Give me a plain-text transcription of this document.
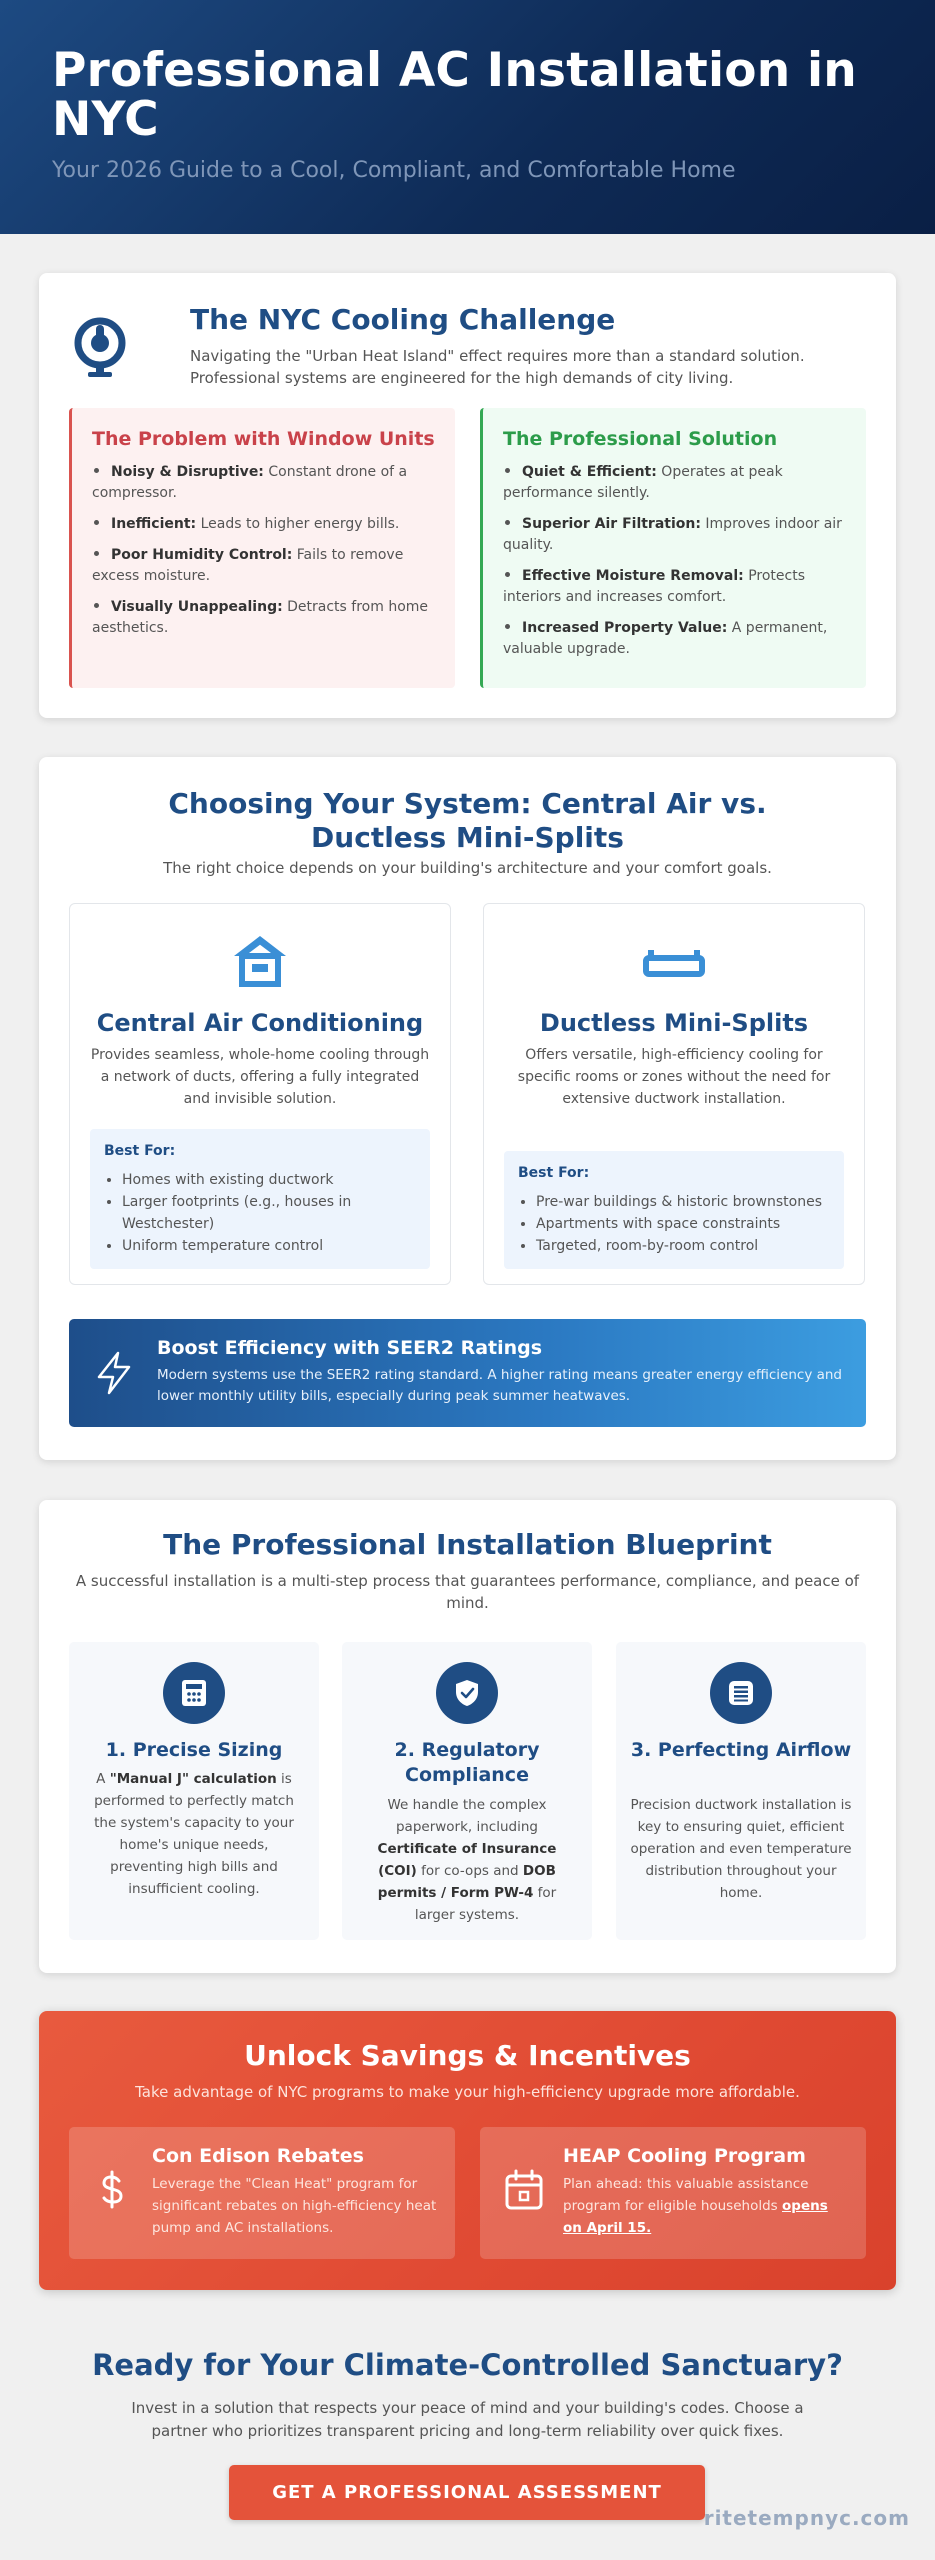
Professional AC Installation in NYC

Your 2026 Guide to a Cool, Compliant, and Comfortable Home

The NYC Cooling Challenge
Navigating the "Urban Heat Island" effect requires more than a standard solution. Professional systems are engineered for the high demands of city living.
The Problem with Window Units
Noisy & Disruptive: Constant drone of a compressor.
Inefficient: Leads to higher energy bills.
Poor Humidity Control: Fails to remove excess moisture.
Visually Unappealing: Detracts from home aesthetics.
The Professional Solution
Quiet & Efficient: Operates at peak performance silently.
Superior Air Filtration: Improves indoor air quality.
Effective Moisture Removal: Protects interiors and increases comfort.
Increased Property Value: A permanent, valuable upgrade.
Choosing Your System: Central Air vs. Ductless Mini-Splits
The right choice depends on your building's architecture and your comfort goals.
Central Air Conditioning

Provides seamless, whole-home cooling through a network of ducts, offering a fully integrated and invisible solution.

Best For:
• Homes with existing ductwork
• Larger footprints (e.g., houses in Westchester)
• Uniform temperature control
Ductless Mini-Splits

Offers versatile, high-efficiency cooling for specific rooms or zones without the need for extensive ductwork installation.

Best For:
• Pre-war buildings & historic brownstones
• Apartments with space constraints
• Targeted, room-by-room control
Boost Efficiency with SEER2 Ratings

Modern systems use the SEER2 rating standard. A higher rating means greater energy efficiency and lower monthly utility bills, especially during peak summer heatwaves.

The Professional Installation Blueprint
A successful installation is a multi-step process that guarantees performance, compliance, and peace of mind.
1. Precise Sizing

A "Manual J" calculation is performed to perfectly match the system's capacity to your home's unique needs, preventing high bills and insufficient cooling.

2. Regulatory Compliance

We handle the complex paperwork, including Certificate of Insurance (COI) for co-ops and DOB permits / Form PW-4 for larger systems.

3. Perfecting Airflow

Precision ductwork installation is key to ensuring quiet, efficient operation and even temperature distribution throughout your home.

Unlock Savings & Incentives
Take advantage of NYC programs to make your high-efficiency upgrade more affordable.
Con Edison Rebates

Leverage the "Clean Heat" program for significant rebates on high-efficiency heat pump and AC installations.

HEAP Cooling Program

Plan ahead: this valuable assistance program for eligible households opens on April 15.

Ready for Your Climate-Controlled Sanctuary?
Invest in a solution that respects your peace of mind and your building's codes. Choose a partner who prioritizes transparent pricing and long-term reliability over quick fixes.
GET A PROFESSIONAL ASSESSMENT
ritetempnyc.com
